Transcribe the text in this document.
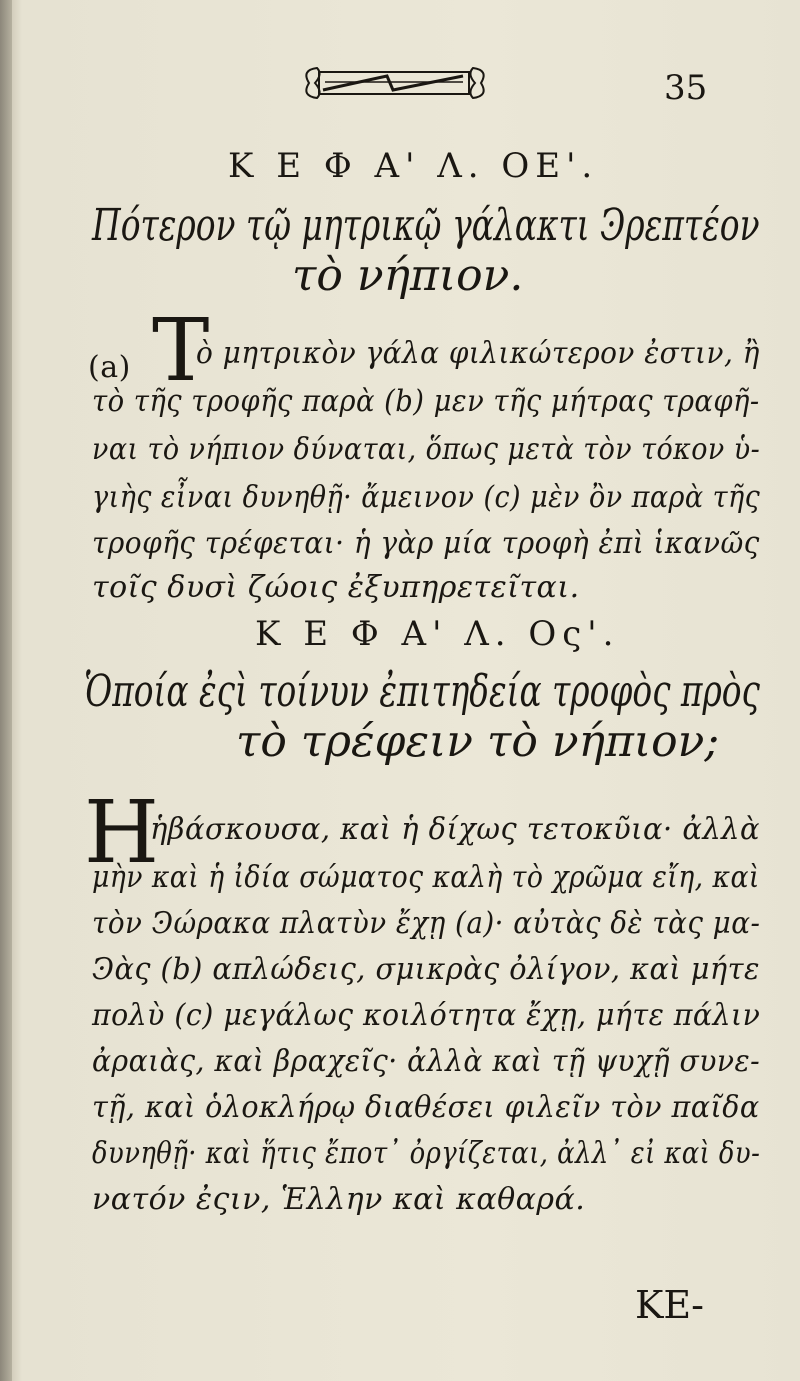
35
Κ Ε Φ Α' Λ. ΟΕ'.
Πότερον τῷ μητρικῷ γάλακτι Ͽρεπτέον
τὸ νήπιον.
(a) Τ
ὸ μητρικὸν γάλα φιλικώτερον ἐστιν, ἢ
τὸ τῆς τροφῆς παρὰ (b) μεν τῆς μήτρας τραφῆ-
ναι τὸ νήπιον δύναται, ὅπως μετὰ τὸν τόκον ὑ-
γιὴς εἶναι δυνηθῇ· ἄμεινον (c) μὲν ὂν παρὰ τῆς
τροφῆς τρέφεται· ἡ γὰρ μία τροφὴ ἐπὶ ἱκανῶς
τοῖς δυσὶ ζώοις ἐξυπηρετεῖται.
Κ Ε Φ Α' Λ. Ος'.
Ὁποία ἐςὶ τοίνυν ἐπιτηδεία τροφὸς πρὸς
τὸ τρέφειν τὸ νήπιον;
Η
ἡβάσκουσα, καὶ ἡ δίχως τετοκῦια· ἀλλὰ
μὴν καὶ ἡ ἰδία σώματος καλὴ τὸ χρῶμα εἴη, καὶ
τὸν Ͽώρακα πλατὺν ἔχῃ (a)· αὐτὰς δὲ τὰς μα-
Ͽὰς (b) απλώδεις, σμικρὰς ὀλίγον, καὶ μήτε
πολὺ (c) μεγάλως κοιλότητα ἔχῃ, μήτε πάλιν
ἀραιὰς, καὶ βραχεῖς· ἀλλὰ καὶ τῇ ψυχῇ συνε-
τῇ, καὶ ὁλοκλήρῳ διαθέσει φιλεῖν τὸν παῖδα
δυνηθῇ· καὶ ἥτις ἔποτ᾽ ὀργίζεται, ἀλλ᾽ εἰ καὶ δυ-
νατόν ἐςιν, Ἑλλην καὶ καθαρά.
ΚΕ-
